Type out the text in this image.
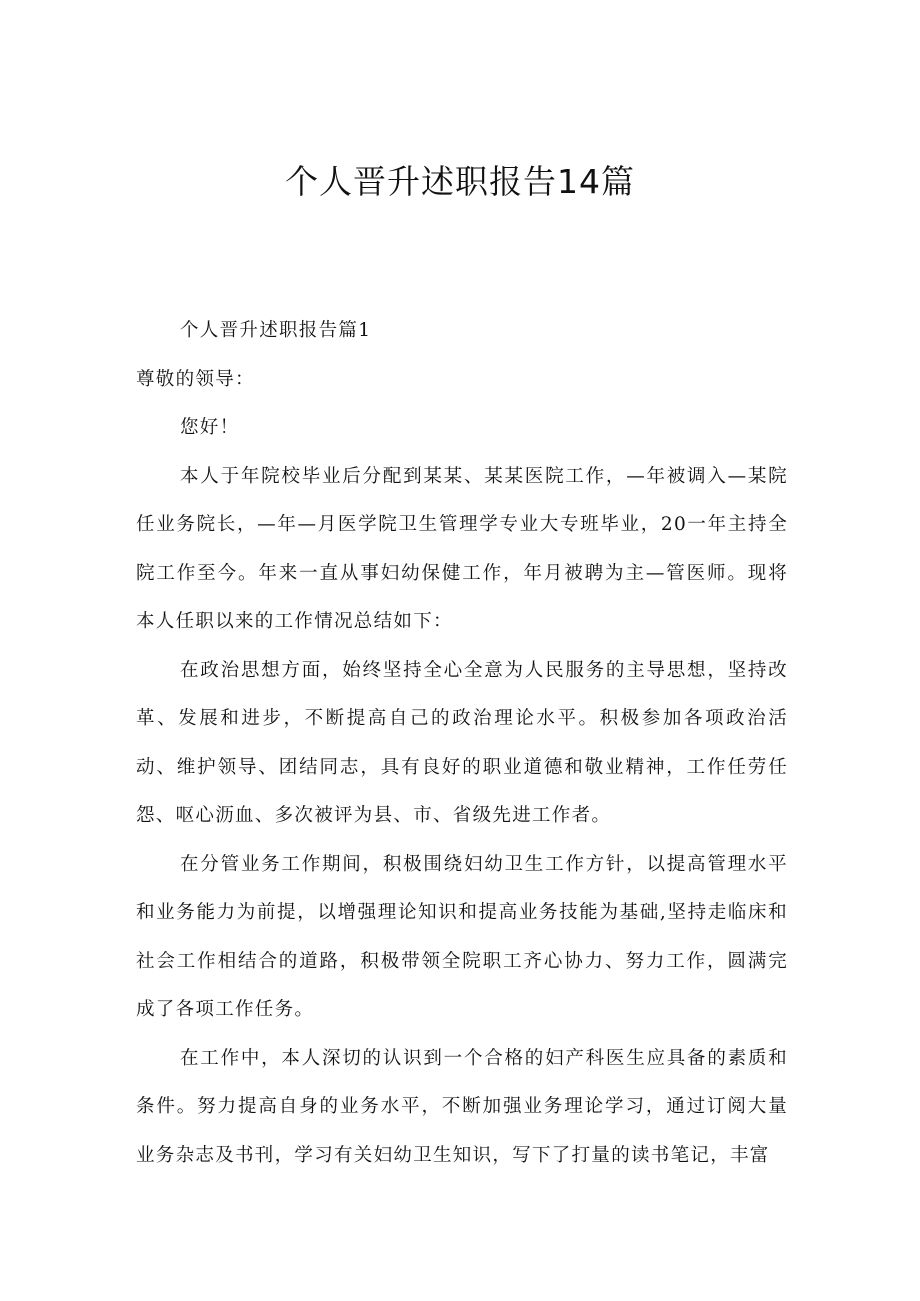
个人晋升述职报告14篇

个人晋升述职报告篇1

尊敬的领导：

您好！

本人于年院校毕业后分配到某某、某某医院工作，—年被调入—某院任业务院长，—年—月医学院卫生管理学专业大专班毕业，20一年主持全院工作至今。年来一直从事妇幼保健工作，年月被聘为主—管医师。现将本人任职以来的工作情况总结如下：

在政治思想方面，始终坚持全心全意为人民服务的主导思想，坚持改革、发展和进步，不断提高自己的政治理论水平。积极参加各项政治活动、维护领导、团结同志，具有良好的职业道德和敬业精神，工作任劳任怨、呕心沥血、多次被评为县、市、省级先进工作者。

在分管业务工作期间，积极围绕妇幼卫生工作方针，以提高管理水平和业务能力为前提，以增强理论知识和提高业务技能为基础,坚持走临床和社会工作相结合的道路，积极带领全院职工齐心协力、努力工作，圆满完成了各项工作任务。

在工作中，本人深切的认识到一个合格的妇产科医生应具备的素质和条件。努力提高自身的业务水平，不断加强业务理论学习，通过订阅大量业务杂志及书刊，学习有关妇幼卫生知识，写下了打量的读书笔记，丰富
